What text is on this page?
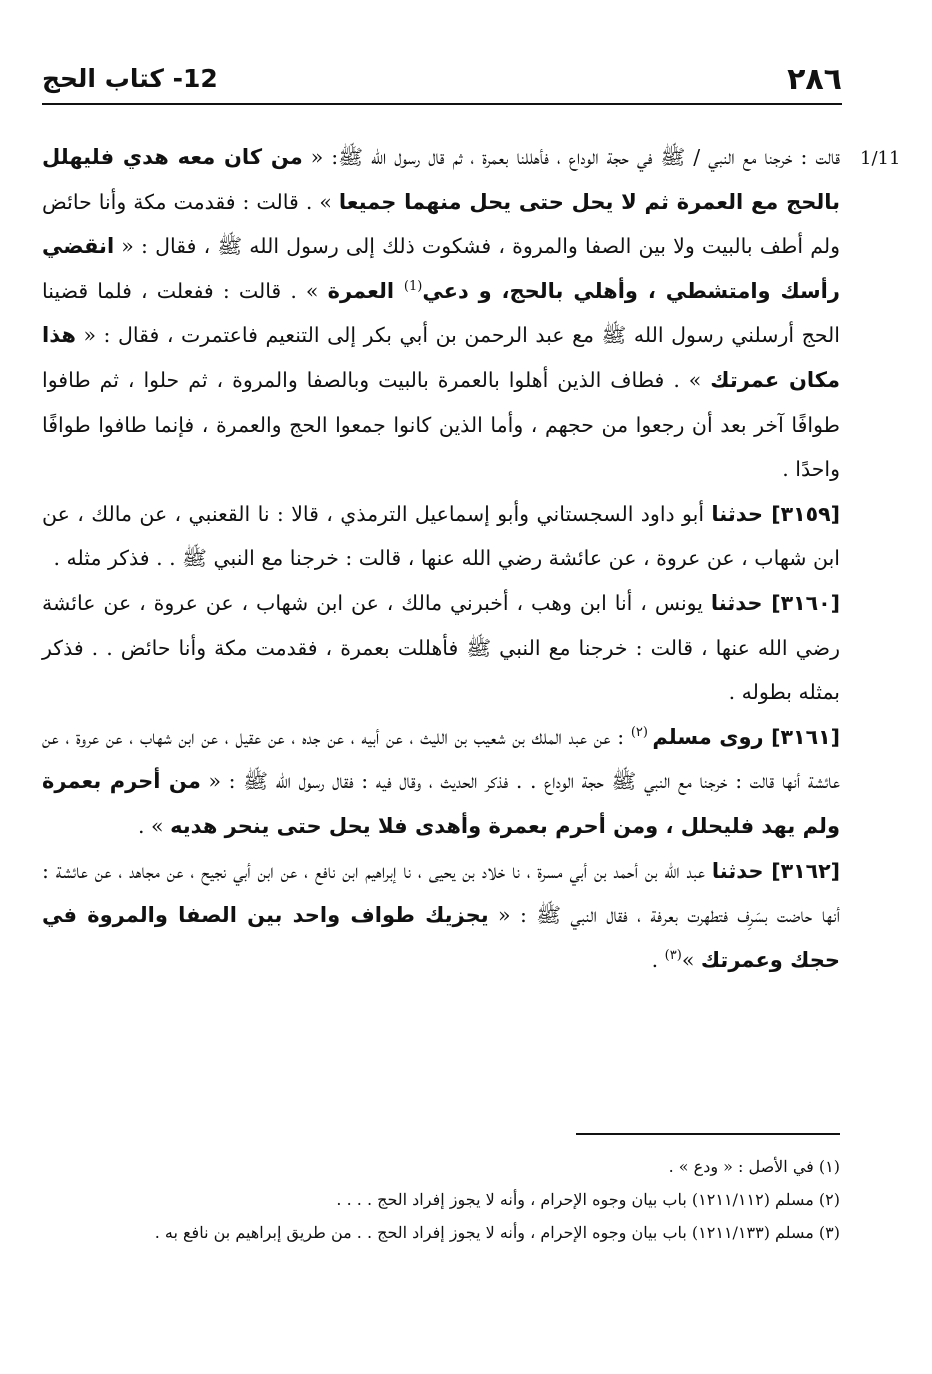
٢٨٦
12- كتاب الحج
1/11

قالت : خرجنا مع النبي / ﷺ في حجة الوداع ، فأهللنا بعمرة ، ثم قال رسول الله ﷺ: « من كان معه هدي فليهلل بالحج مع العمرة ثم لا يحل حتى يحل منهما جميعا » . قالت : فقدمت مكة وأنا حائض ولم أطف بالبيت ولا بين الصفا والمروة ، فشكوت ذلك إلى رسول الله ﷺ ، فقال : « انقضي رأسك وامتشطي ، وأهلي بالحج، و دعي$^{(1)}$ العمرة » . قالت : ففعلت ، فلما قضينا الحج أرسلني رسول الله ﷺ مع عبد الرحمن بن أبي بكر إلى التنعيم فاعتمرت ، فقال : « هذا مكان عمرتك » . فطاف الذين أهلوا بالعمرة بالبيت وبالصفا والمروة ، ثم حلوا ، ثم طافوا طوافًا آخر بعد أن رجعوا من حجهم ، وأما الذين كانوا جمعوا الحج والعمرة ، فإنما طافوا طوافًا واحدًا .

[٣١٥٩] حدثنا أبو داود السجستاني وأبو إسماعيل الترمذي ، قالا : نا القعنبي ، عن مالك ، عن ابن شهاب ، عن عروة ، عن عائشة رضي الله عنها ، قالت : خرجنا مع النبي ﷺ . . فذكر مثله .

[٣١٦٠] حدثنا يونس ، أنا ابن وهب ، أخبرني مالك ، عن ابن شهاب ، عن عروة ، عن عائشة رضي الله عنها ، قالت : خرجنا مع النبي ﷺ فأهللت بعمرة ، فقدمت مكة وأنا حائض . . فذكر بمثله بطوله .

[٣١٦١] روى مسلم $^{(٢)}$ : عن عبد الملك بن شعيب بن الليث ، عن أبيه ، عن جده ، عن عقيل ، عن ابن شهاب ، عن عروة ، عن عائشة أنها قالت : خرجنا مع النبي ﷺ حجة الوداع . . فذكر الحديث ، وقال فيه : فقال رسول الله ﷺ : « من أحرم بعمرة ولم يهد فليحلل ، ومن أحرم بعمرة وأهدى فلا يحل حتى ينحر هديه » .

[٣١٦٢] حدثنا عبد الله بن أحمد بن أبي مسرة ، نا خلاد بن يحيى ، نا إبراهيم ابن نافع ، عن ابن أبي نجيح ، عن مجاهد ، عن عائشة : أنها حاضت بسَرِف فتطهرت بعرفة ، فقال النبي ﷺ : « يجزيك طواف واحد بين الصفا والمروة في حجك وعمرتك »$^{(٣)}$ .

(١) في الأصل : « ودع » .

(٢) مسلم (١٢١١/١١٢) باب بيان وجوه الإحرام ، وأنه لا يجوز إفراد الحج . . . .

(٣) مسلم (١٢١١/١٣٣) باب بيان وجوه الإحرام ، وأنه لا يجوز إفراد الحج . . من طريق إبراهيم بن نافع به .
